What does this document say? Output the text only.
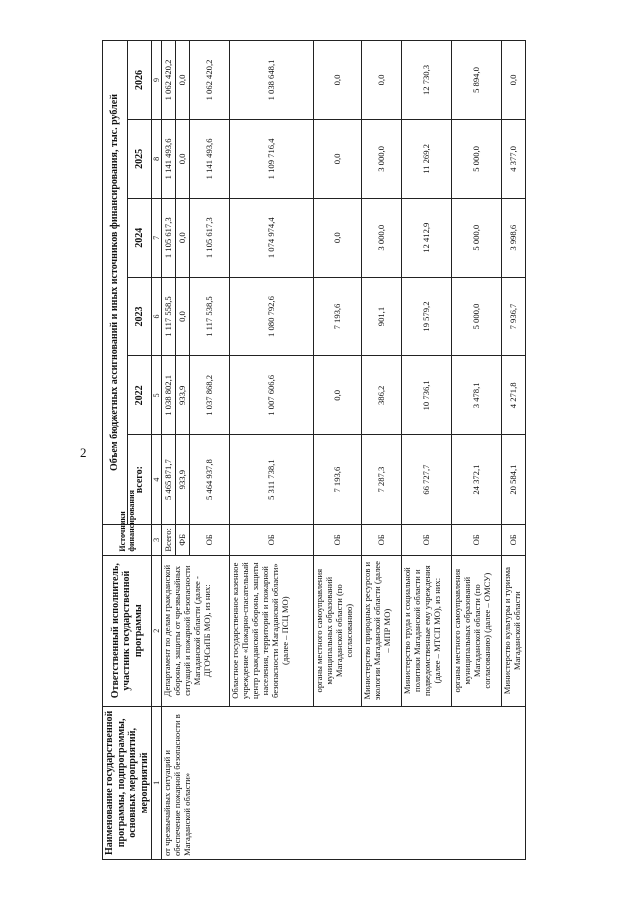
2
Наименование государственной программы, подпрограммы, основных мероприятий, мероприятий	Ответственный исполнитель, участник государственной программы	Источники финансирования	Объем бюджетных ассигнований и иных источников финансирования, тыс. рублей					
			всего:	2022	2023	2024	2025	2026
1	2	3	4	5	6	7	8	9
от чрезвычайных ситуаций и обеспечение пожарной безопасности в Магаданской области»	Департамент по делам гражданской обороны, защиты от чрезвычайных ситуаций и пожарной безопасности Магаданской области (далее - ДГОЧСиПБ МО), из них:	Всего:	5 465 871,7	1 038 802,1	1 117 558,5	1 105 617,3	1 141 493,6	1 062 420,2
		ФБ	933,9	933,9	0,0	0,0	0,0	0,0
		ОБ	5 464 937,8	1 037 868,2	1 117 538,5	1 105 617,3	1 141 493,6	1 062 420,2
	Областное государственное казенное учреждение «Пожарно-спасательный центр гражданской обороны, защиты населения, территорий и пожарной безопасности Магаданской области» (далее – ПСЦ МО)	ОБ	5 311 738,1	1 007 606,6	1 080 792,6	1 074 974,4	1 109 716,4	1 038 648,1
	органы местного самоуправления муниципальных образований Магаданской области (по согласованию)	ОБ	7 193,6	0,0	7 193,6	0,0	0,0	0,0
	Министерство природных ресурсов и экологии Магаданской области (далее – МПР МО)	ОБ	7 287,3	386,2	901,1	3 000,0	3 000,0	0,0
	Министерство труда и социальной политики Магаданской области и подведомственные ему учреждения (далее – МТСП МО), из них:	ОБ	66 727,7	10 736,1	19 579,2	12 412,9	11 269,2	12 730,3
	органы местного самоуправления муниципальных образований Магаданской области (по согласованию) (далее – ОМСУ)	ОБ	24 372,1	3 478,1	5 000,0	5 000,0	5 000,0	5 894,0
	Министерство культуры и туризма Магаданской области	ОБ	20 584,1	4 271,8	7 936,7	3 998,6	4 377,0	0,0
